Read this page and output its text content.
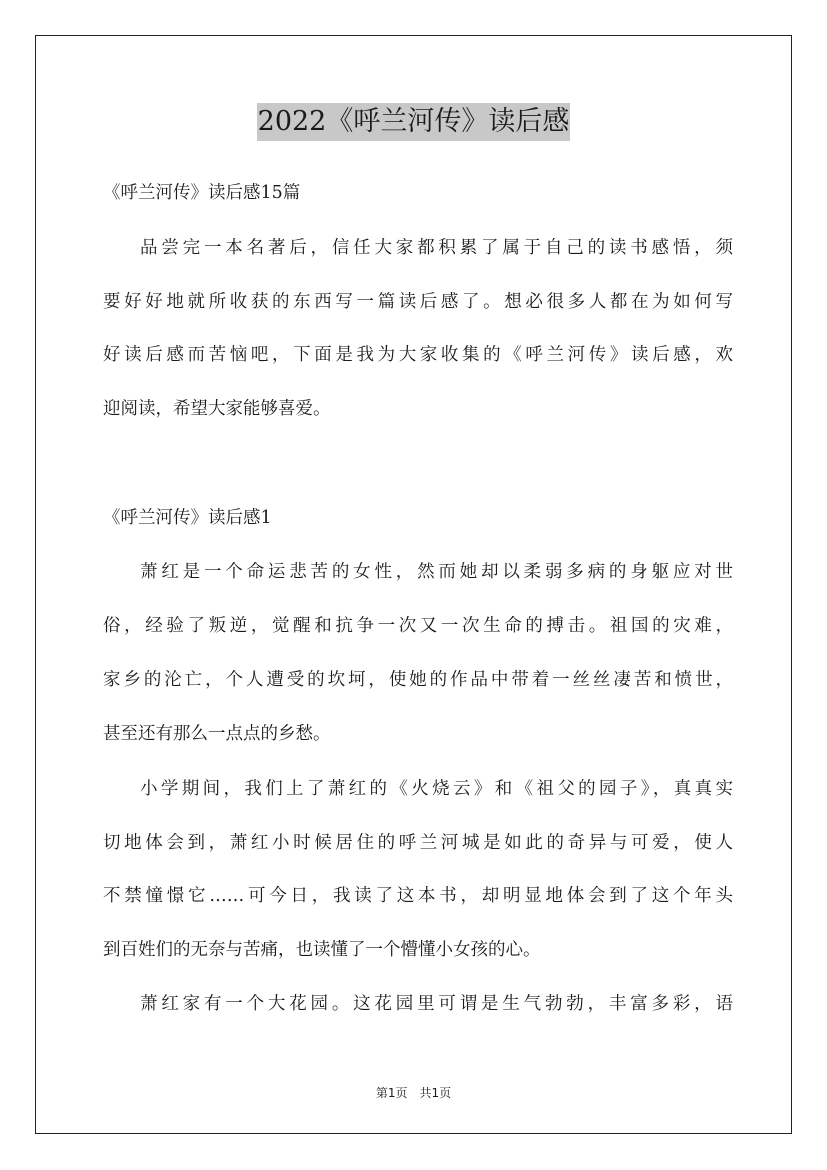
2022《呼兰河传》读后感
《呼兰河传》读后感15篇
品尝完一本名著后，信任大家都积累了属于自己的读书感悟，须
要好好地就所收获的东西写一篇读后感了。想必很多人都在为如何写
好读后感而苦恼吧，下面是我为大家收集的《呼兰河传》读后感，欢
迎阅读，希望大家能够喜爱。
《呼兰河传》读后感1
萧红是一个命运悲苦的女性，然而她却以柔弱多病的身躯应对世
俗，经验了叛逆，觉醒和抗争一次又一次生命的搏击。祖国的灾难，
家乡的沦亡，个人遭受的坎坷，使她的作品中带着一丝丝凄苦和愤世，
甚至还有那么一点点的乡愁。
小学期间，我们上了萧红的《火烧云》和《祖父的园子》，真真实
切地体会到，萧红小时候居住的呼兰河城是如此的奇异与可爱，使人
不禁憧憬它……可今日，我读了这本书，却明显地体会到了这个年头
到百姓们的无奈与苦痛，也读懂了一个懵懂小女孩的心。
萧红家有一个大花园。这花园里可谓是生气勃勃，丰富多彩，语
第1页　共1页
